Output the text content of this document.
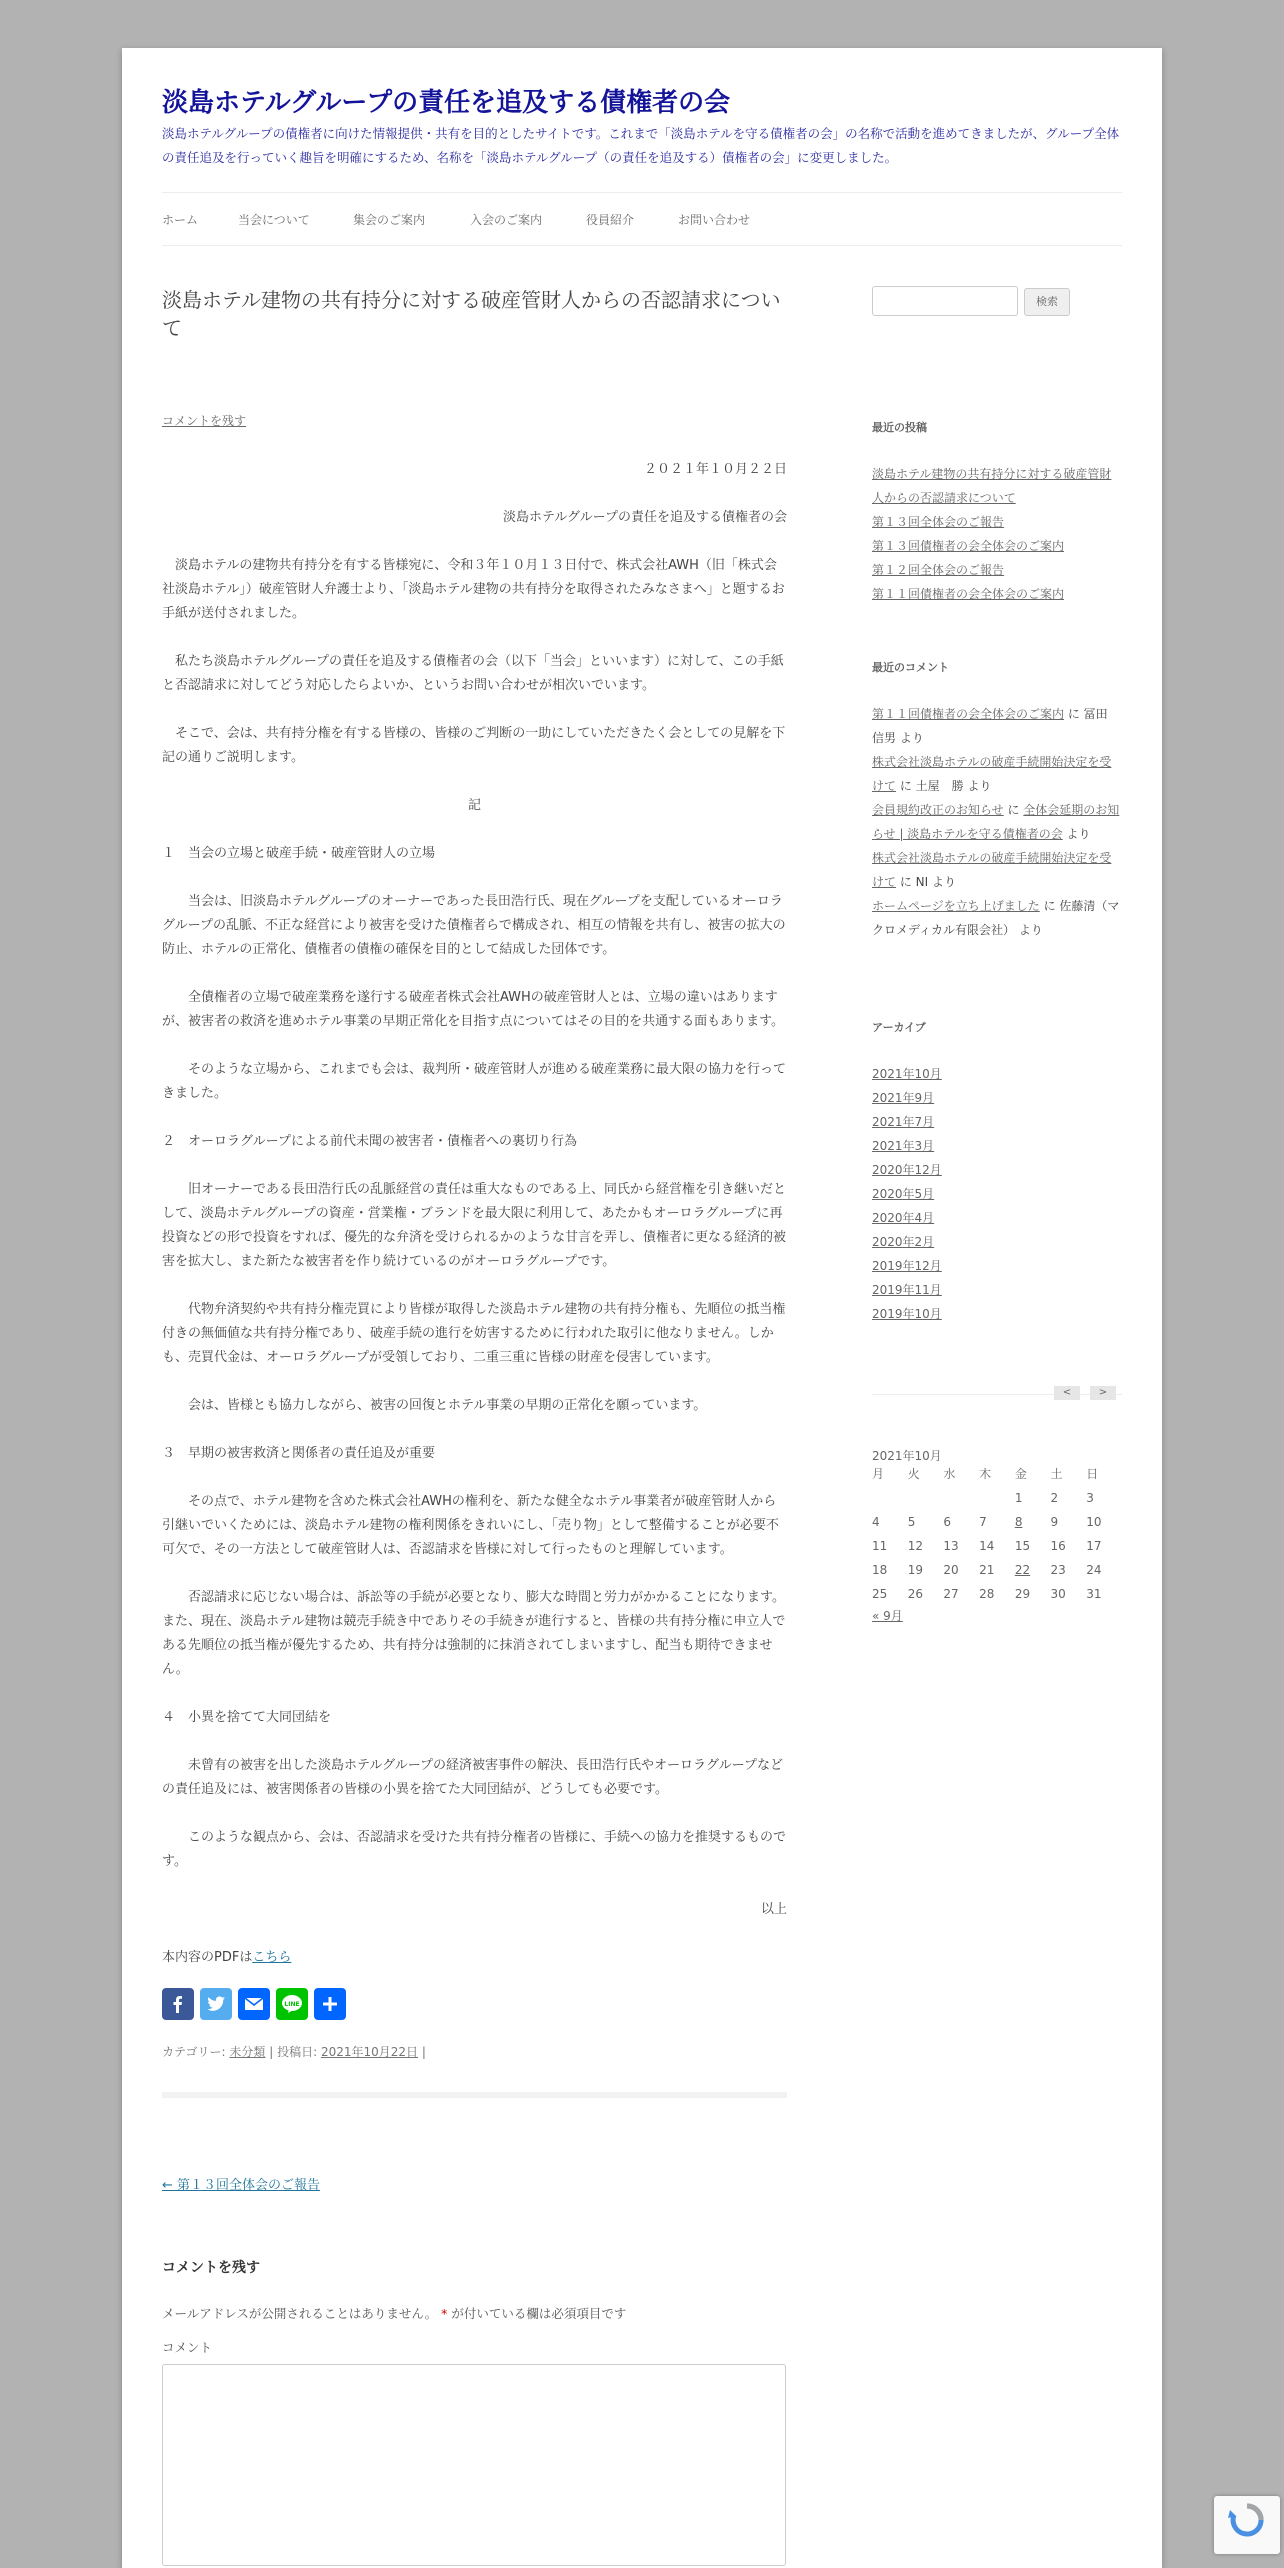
淡島ホテルグループの責任を追及する債権者の会
淡島ホテルグループの債権者に向けた情報提供・共有を目的としたサイトです。これまで「淡島ホテルを守る債権者の会」の名称で活動を進めてきましたが、グループ全体の責任追及を行っていく趣旨を明確にするため、名称を「淡島ホテルグループ（の責任を追及する）債権者の会」に変更しました。
ホーム	当会について	集会のご案内	入会のご案内	役員紹介	お問い合わせ
淡島ホテル建物の共有持分に対する破産管財人からの否認請求について
コメントを残す

２０２１年１０月２２日

淡島ホテルグループの責任を追及する債権者の会

淡島ホテルの建物共有持分を有する皆様宛に、令和３年１０月１３日付で、株式会社AWH（旧「株式会社淡島ホテル」）破産管財人弁護士より、「淡島ホテル建物の共有持分を取得されたみなさまへ」と題するお手紙が送付されました。

私たち淡島ホテルグループの責任を追及する債権者の会（以下「当会」といいます）に対して、この手紙と否認請求に対してどう対応したらよいか、というお問い合わせが相次いでいます。

そこで、会は、共有持分権を有する皆様の、皆様のご判断の一助にしていただきたく会としての見解を下記の通りご説明します。

記

１　当会の立場と破産手続・破産管財人の立場

当会は、旧淡島ホテルグループのオーナーであった長田浩行氏、現在グループを支配しているオーロラグループの乱脈、不正な経営により被害を受けた債権者らで構成され、相互の情報を共有し、被害の拡大の防止、ホテルの正常化、債権者の債権の確保を目的として結成した団体です。

全債権者の立場で破産業務を遂行する破産者株式会社AWHの破産管財人とは、立場の違いはありますが、被害者の救済を進めホテル事業の早期正常化を目指す点についてはその目的を共通する面もあります。

そのような立場から、これまでも会は、裁判所・破産管財人が進める破産業務に最大限の協力を行ってきました。

２　オーロラグループによる前代未聞の被害者・債権者への裏切り行為

旧オーナーである長田浩行氏の乱脈経営の責任は重大なものである上、同氏から経営権を引き継いだとして、淡島ホテルグループの資産・営業権・ブランドを最大限に利用して、あたかもオーロラグループに再投資などの形で投資をすれば、優先的な弁済を受けられるかのような甘言を弄し、債権者に更なる経済的被害を拡大し、また新たな被害者を作り続けているのがオーロラグループです。

代物弁済契約や共有持分権売買により皆様が取得した淡島ホテル建物の共有持分権も、先順位の抵当権付きの無価値な共有持分権であり、破産手続の進行を妨害するために行われた取引に他なりません。しかも、売買代金は、オーロラグループが受領しており、二重三重に皆様の財産を侵害しています。

会は、皆様とも協力しながら、被害の回復とホテル事業の早期の正常化を願っています。

３　早期の被害救済と関係者の責任追及が重要

その点で、ホテル建物を含めた株式会社AWHの権利を、新たな健全なホテル事業者が破産管財人から引継いでいくためには、淡島ホテル建物の権利関係をきれいにし、「売り物」として整備することが必要不可欠で、その一方法として破産管財人は、否認請求を皆様に対して行ったものと理解しています。

否認請求に応じない場合は、訴訟等の手続が必要となり、膨大な時間と労力がかかることになります。また、現在、淡島ホテル建物は競売手続き中でありその手続きが進行すると、皆様の共有持分権に申立人である先順位の抵当権が優先するため、共有持分は強制的に抹消されてしまいますし、配当も期待できません。

４　小異を捨てて大同団結を

未曾有の被害を出した淡島ホテルグループの経済被害事件の解決、長田浩行氏やオーロラグループなどの責任追及には、被害関係者の皆様の小異を捨てた大同団結が、どうしても必要です。

このような観点から、会は、否認請求を受けた共有持分権者の皆様に、手続への協力を推奨するものです。

以上

本内容のPDFはこちら

LINE
カテゴリー: 未分類 | 投稿日: 2021年10月22日 |
← 第１３回全体会のご報告
コメントを残す
メールアドレスが公開されることはありません。 * が付いている欄は必須項目です
コメント
検索
最近の投稿
淡島ホテル建物の共有持分に対する破産管財人からの否認請求について
第１３回全体会のご報告
第１３回債権者の会全体会のご案内
第１２回全体会のご報告
第１１回債権者の会全体会のご案内
最近のコメント
第１１回債権者の会全体会のご案内 に 冨田　信男 より
株式会社淡島ホテルの破産手続開始決定を受けて に 土屋　勝 より
会員規約改正のお知らせ に 全体会延期のお知らせ | 淡島ホテルを守る債権者の会 より
株式会社淡島ホテルの破産手続開始決定を受けて に NI より
ホームページを立ち上げました に 佐藤清（マクロメディカル有限会社） より
アーカイブ
2021年10月
2021年9月
2021年7月
2021年3月
2020年12月
2020年5月
2020年4月
2020年2月
2019年12月
2019年11月
2019年10月
<	>
2021年10月
月	火	水	木	金	土	日
				1	2	3
4	5	6	7	8	9	10
11	12	13	14	15	16	17
18	19	20	21	22	23	24
25	26	27	28	29	30	31
« 9月
